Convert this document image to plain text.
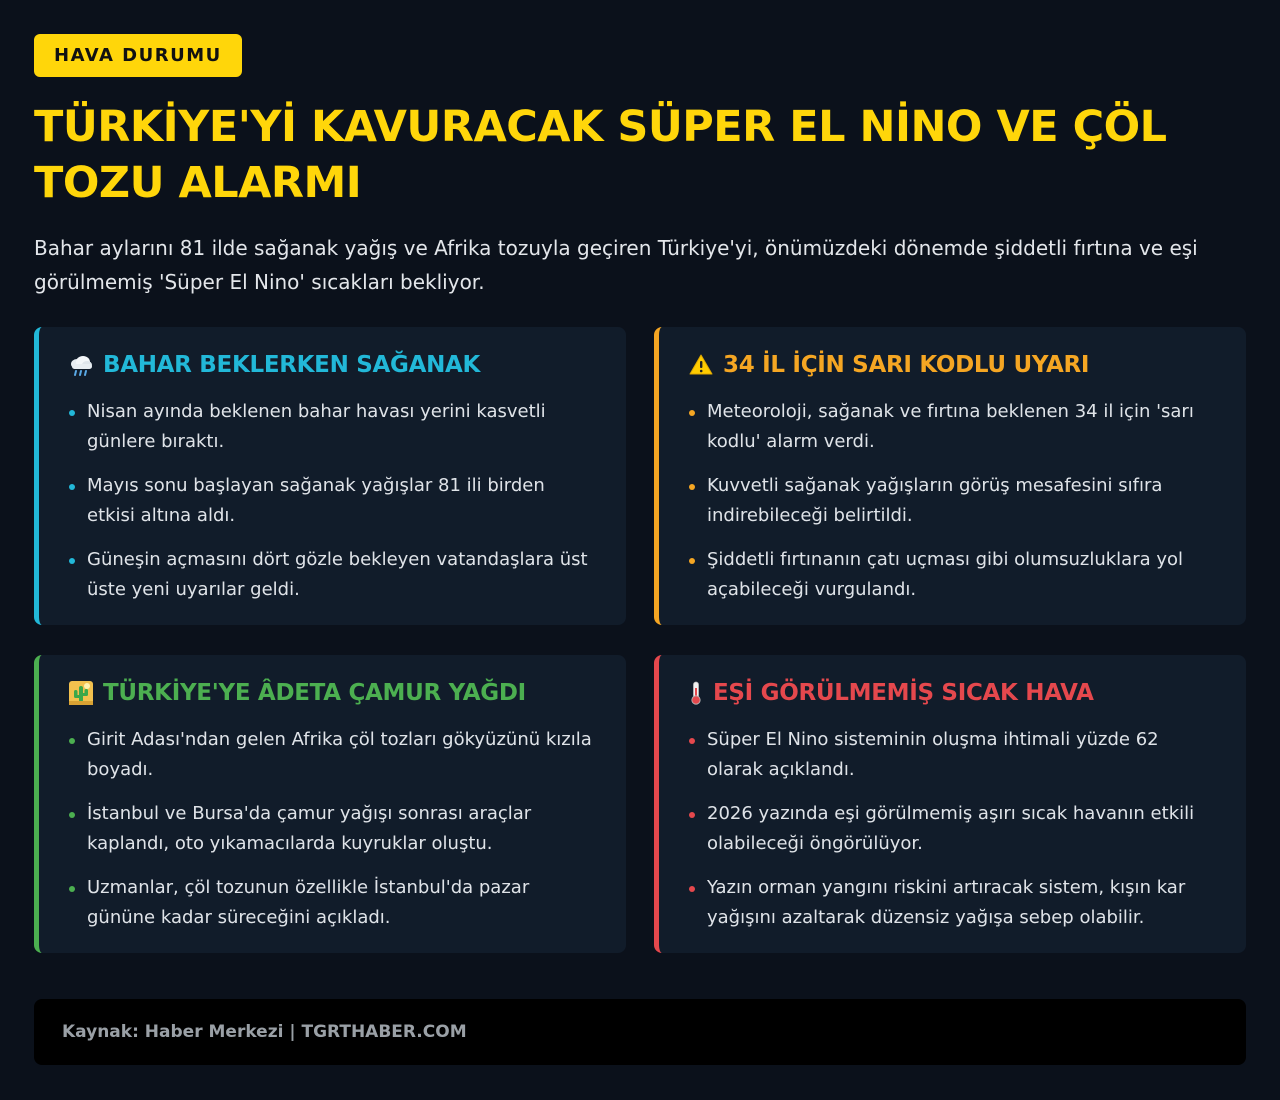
HAVA DURUMU
TÜRKİYE'Yİ KAVURACAK SÜPER EL NİNO VE ÇÖL TOZU ALARMI

Bahar aylarını 81 ilde sağanak yağış ve Afrika tozuyla geçiren Türkiye'yi, önümüzdeki dönemde şiddetli fırtına ve eşi görülmemiş 'Süper El Nino' sıcakları bekliyor.

BAHAR BEKLERKEN SAĞANAK
Nisan ayında beklenen bahar havası yerini kasvetli günlere bıraktı.
Mayıs sonu başlayan sağanak yağışlar 81 ili birden etkisi altına aldı.
Güneşin açmasını dört gözle bekleyen vatandaşlara üst üste yeni uyarılar geldi.
34 İL İÇİN SARI KODLU UYARI
Meteoroloji, sağanak ve fırtına beklenen 34 il için 'sarı kodlu' alarm verdi.
Kuvvetli sağanak yağışların görüş mesafesini sıfıra indirebileceği belirtildi.
Şiddetli fırtınanın çatı uçması gibi olumsuzluklara yol açabileceği vurgulandı.
TÜRKİYE'YE ÂDETA ÇAMUR YAĞDI
Girit Adası'ndan gelen Afrika çöl tozları gökyüzünü kızıla boyadı.
İstanbul ve Bursa'da çamur yağışı sonrası araçlar kaplandı, oto yıkamacılarda kuyruklar oluştu.
Uzmanlar, çöl tozunun özellikle İstanbul'da pazar gününe kadar süreceğini açıkladı.
EŞİ GÖRÜLMEMİŞ SICAK HAVA
Süper El Nino sisteminin oluşma ihtimali yüzde 62 olarak açıklandı.
2026 yazında eşi görülmemiş aşırı sıcak havanın etkili olabileceği öngörülüyor.
Yazın orman yangını riskini artıracak sistem, kışın kar yağışını azaltarak düzensiz yağışa sebep olabilir.
Kaynak: Haber Merkezi | TGRTHABER.COM
